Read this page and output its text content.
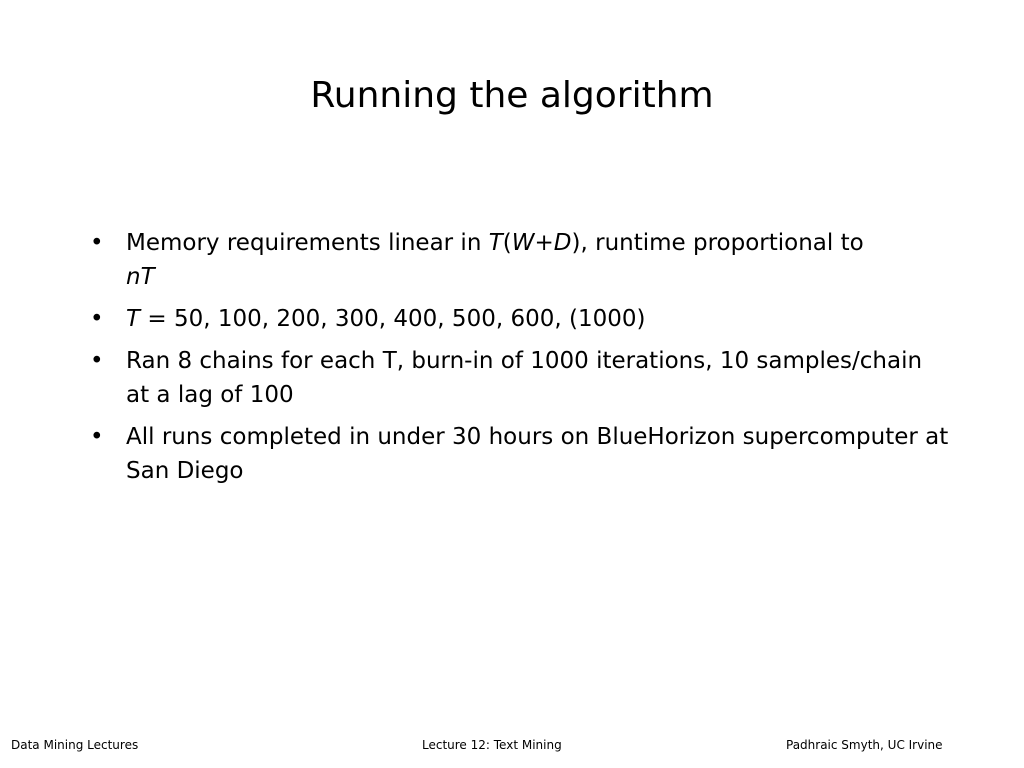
Running the algorithm
• Memory requirements linear in T(W+D), runtime proportional to
nT
• T = 50, 100, 200, 300, 400, 500, 600, (1000)
• Ran 8 chains for each T, burn-in of 1000 iterations, 10 samples/chain at a lag of 100
• All runs completed in under 30 hours on BlueHorizon supercomputer at San Diego
Data Mining Lectures	Lecture 12: Text Mining	Padhraic Smyth, UC Irvine
